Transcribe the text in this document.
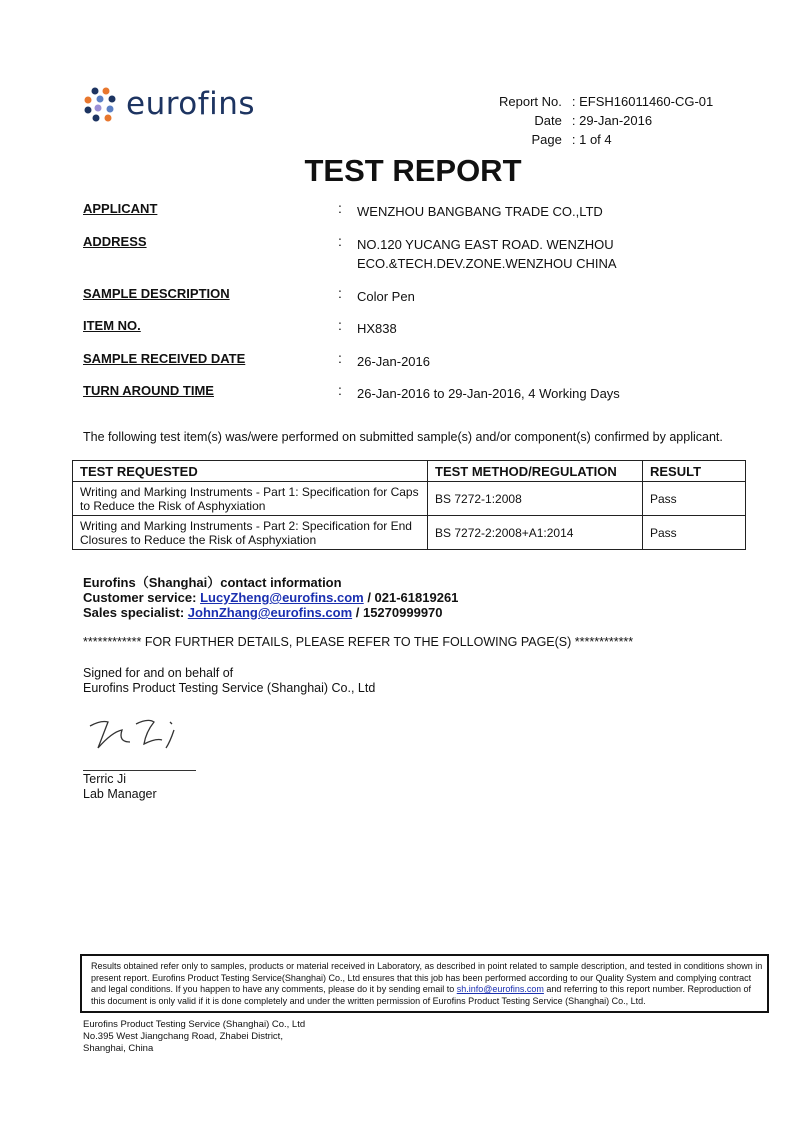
eurofins	Report No.	: EFSH16011460-CG-01
Date	: 29-Jan-2016
Page	: 1 of 4
TEST REPORT
APPLICANT	: WENZHOU BANGBANG TRADE CO.,LTD
ADDRESS	: NO.120 YUCANG EAST ROAD. WENZHOU
ECO.&TECH.DEV.ZONE.WENZHOU CHINA
SAMPLE DESCRIPTION	: Color Pen
ITEM NO.	: HX838
SAMPLE RECEIVED DATE	: 26-Jan-2016
TURN AROUND TIME	: 26-Jan-2016 to 29-Jan-2016, 4 Working Days
The following test item(s) was/were performed on submitted sample(s) and/or component(s) confirmed by applicant.
TEST REQUESTED	TEST METHOD/REGULATION	RESULT
Writing and Marking Instruments - Part 1: Specification for Caps to Reduce the Risk of Asphyxiation	BS 7272-1:2008	Pass
Writing and Marking Instruments - Part 2: Specification for End Closures to Reduce the Risk of Asphyxiation	BS 7272-2:2008+A1:2014	Pass
Eurofins（Shanghai）contact information
Customer service: LucyZheng@eurofins.com / 021-61819261
Sales specialist: JohnZhang@eurofins.com / 15270999970
************ FOR FURTHER DETAILS, PLEASE REFER TO THE FOLLOWING PAGE(S) ************
Signed for and on behalf of
Eurofins Product Testing Service (Shanghai) Co., Ltd
Terric Ji
Lab Manager
Results obtained refer only to samples, products or material received in Laboratory, as described in point related to sample description, and tested in conditions shown in present report. Eurofins Product Testing Service(Shanghai) Co., Ltd ensures that this job has been performed according to our Quality System and complying contract and legal conditions. If you happen to have any comments, please do it by sending email to sh.info@eurofins.com and referring to this report number. Reproduction of this document is only valid if it is done completely and under the written permission of Eurofins Product Testing Service (Shanghai) Co., Ltd.
Eurofins Product Testing Service (Shanghai) Co., Ltd
No.395 West Jiangchang Road, Zhabei District,
Shanghai, China
